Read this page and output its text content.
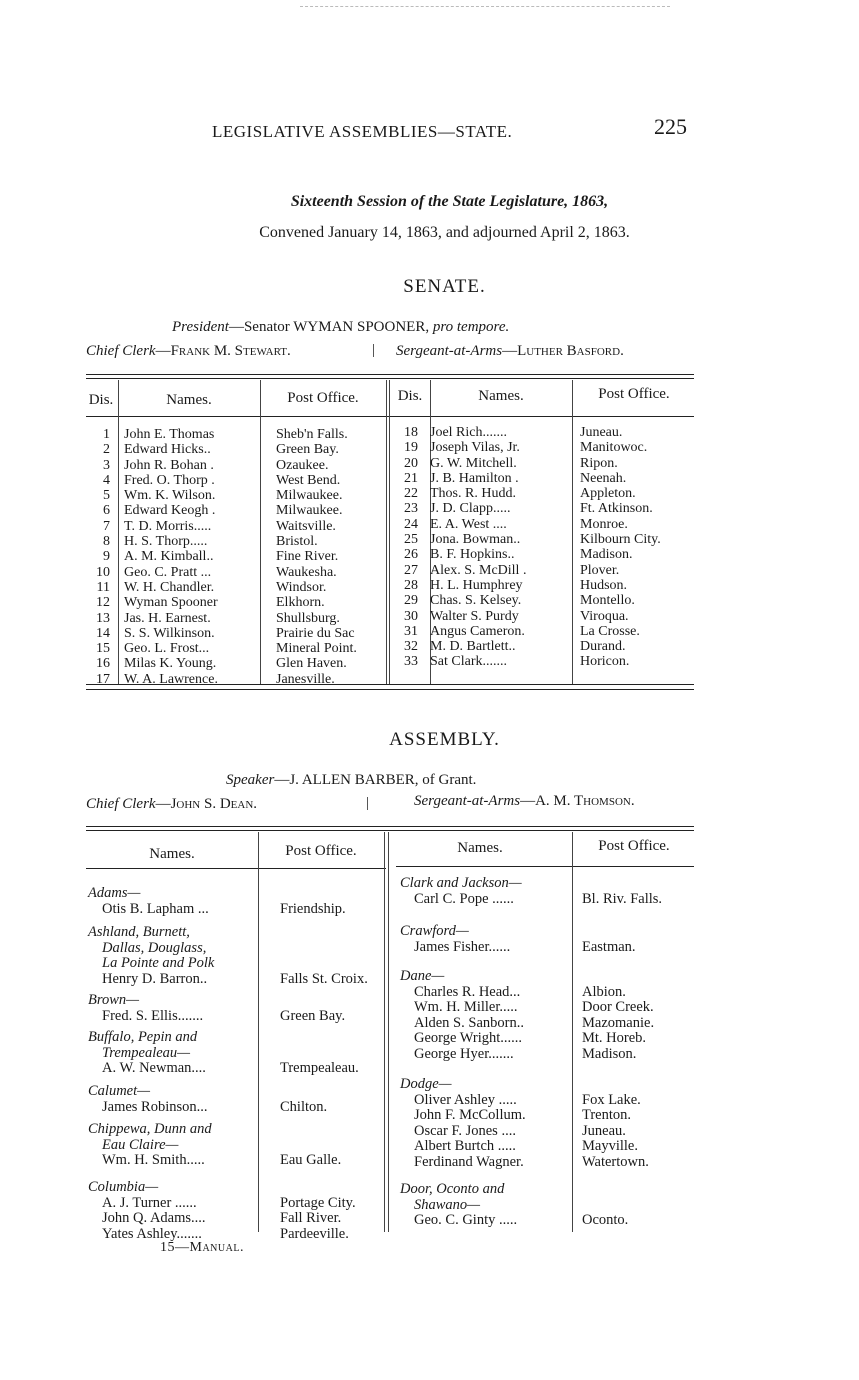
LEGISLATIVE ASSEMBLIES—STATE.	225
Sixteenth Session of the State Legislature, 1863,
Convened January 14, 1863, and adjourned April 2, 1863.
SENATE.
President—Senator WYMAN SPOONER, pro tempore.
Chief Clerk—Frank M. Stewart.	| Sergeant-at-Arms—Luther Basford.
Dis.	Names.	Post Office.	Dis.	Names.	Post Office.
1	John E. Thomas	Sheb'n Falls.
2	Edward Hicks..	Green Bay.
3	John R. Bohan .	Ozaukee.
4	Fred. O. Thorp .	West Bend.
5	Wm. K. Wilson.	Milwaukee.
6	Edward Keogh .	Milwaukee.
7	T. D. Morris.....	Waitsville.
8	H. S. Thorp.....	Bristol.
9	A. M. Kimball..	Fine River.
10	Geo. C. Pratt ...	Waukesha.
11	W. H. Chandler.	Windsor.
12	Wyman Spooner	Elkhorn.
13	Jas. H. Earnest.	Shullsburg.
14	S. S. Wilkinson.	Prairie du Sac
15	Geo. L. Frost...	Mineral Point.
16	Milas K. Young.	Glen Haven.
17	W. A. Lawrence.	Janesville.
18 Joel Rich.......	Juneau.
19 Joseph Vilas, Jr.	Manitowoc.
20 G. W. Mitchell.	Ripon.
21 J. B. Hamilton .	Neenah.
22 Thos. R. Hudd.	Appleton.
23 J. D. Clapp.....	Ft. Atkinson.
24 E. A. West ....	Monroe.
25 Jona. Bowman..	Kilbourn City.
26 B. F. Hopkins..	Madison.
27 Alex. S. McDill .	Plover.
28 H. L. Humphrey	Hudson.
29 Chas. S. Kelsey.	Montello.
30 Walter S. Purdy	Viroqua.
31 Angus Cameron.	La Crosse.
32 M. D. Bartlett..	Durand.
33 Sat Clark.......	Horicon.
ASSEMBLY.
Speaker—J. ALLEN BARBER, of Grant.
Chief Clerk—John S. Dean.	|	Sergeant-at-Arms—A. M. Thomson.
Names.	Post Office.	Names.	Post Office.
Adams—
Otis B. Lapham ...	Friendship.
Ashland, Burnett,
Dallas, Douglass,
La Pointe and Polk
Henry D. Barron..	Falls St. Croix.
Brown—
Fred. S. Ellis.......	Green Bay.
Buffalo, Pepin and
Trempealeau—
A. W. Newman....	Trempealeau.
Calumet—
James Robinson...	Chilton.
Chippewa, Dunn and
Eau Claire—
Wm. H. Smith.....	Eau Galle.
Columbia—
A. J. Turner ......	Portage City.
John Q. Adams....	Fall River.
Yates Ashley.......	Pardeeville.
Clark and Jackson—
Carl C. Pope ......	Bl. Riv. Falls.
Crawford—
James Fisher......	Eastman.
Dane—
Charles R. Head...	Albion.
Wm. H. Miller.....	Door Creek.
Alden S. Sanborn..	Mazomanie.
George Wright......	Mt. Horeb.
George Hyer.......	Madison.
Dodge—
Oliver Ashley .....	Fox Lake.
John F. McCollum.	Trenton.
Oscar F. Jones ....	Juneau.
Albert Burtch .....	Mayville.
Ferdinand Wagner.	Watertown.
Door, Oconto and
Shawano—
Geo. C. Ginty .....	Oconto.
15—Manual.
